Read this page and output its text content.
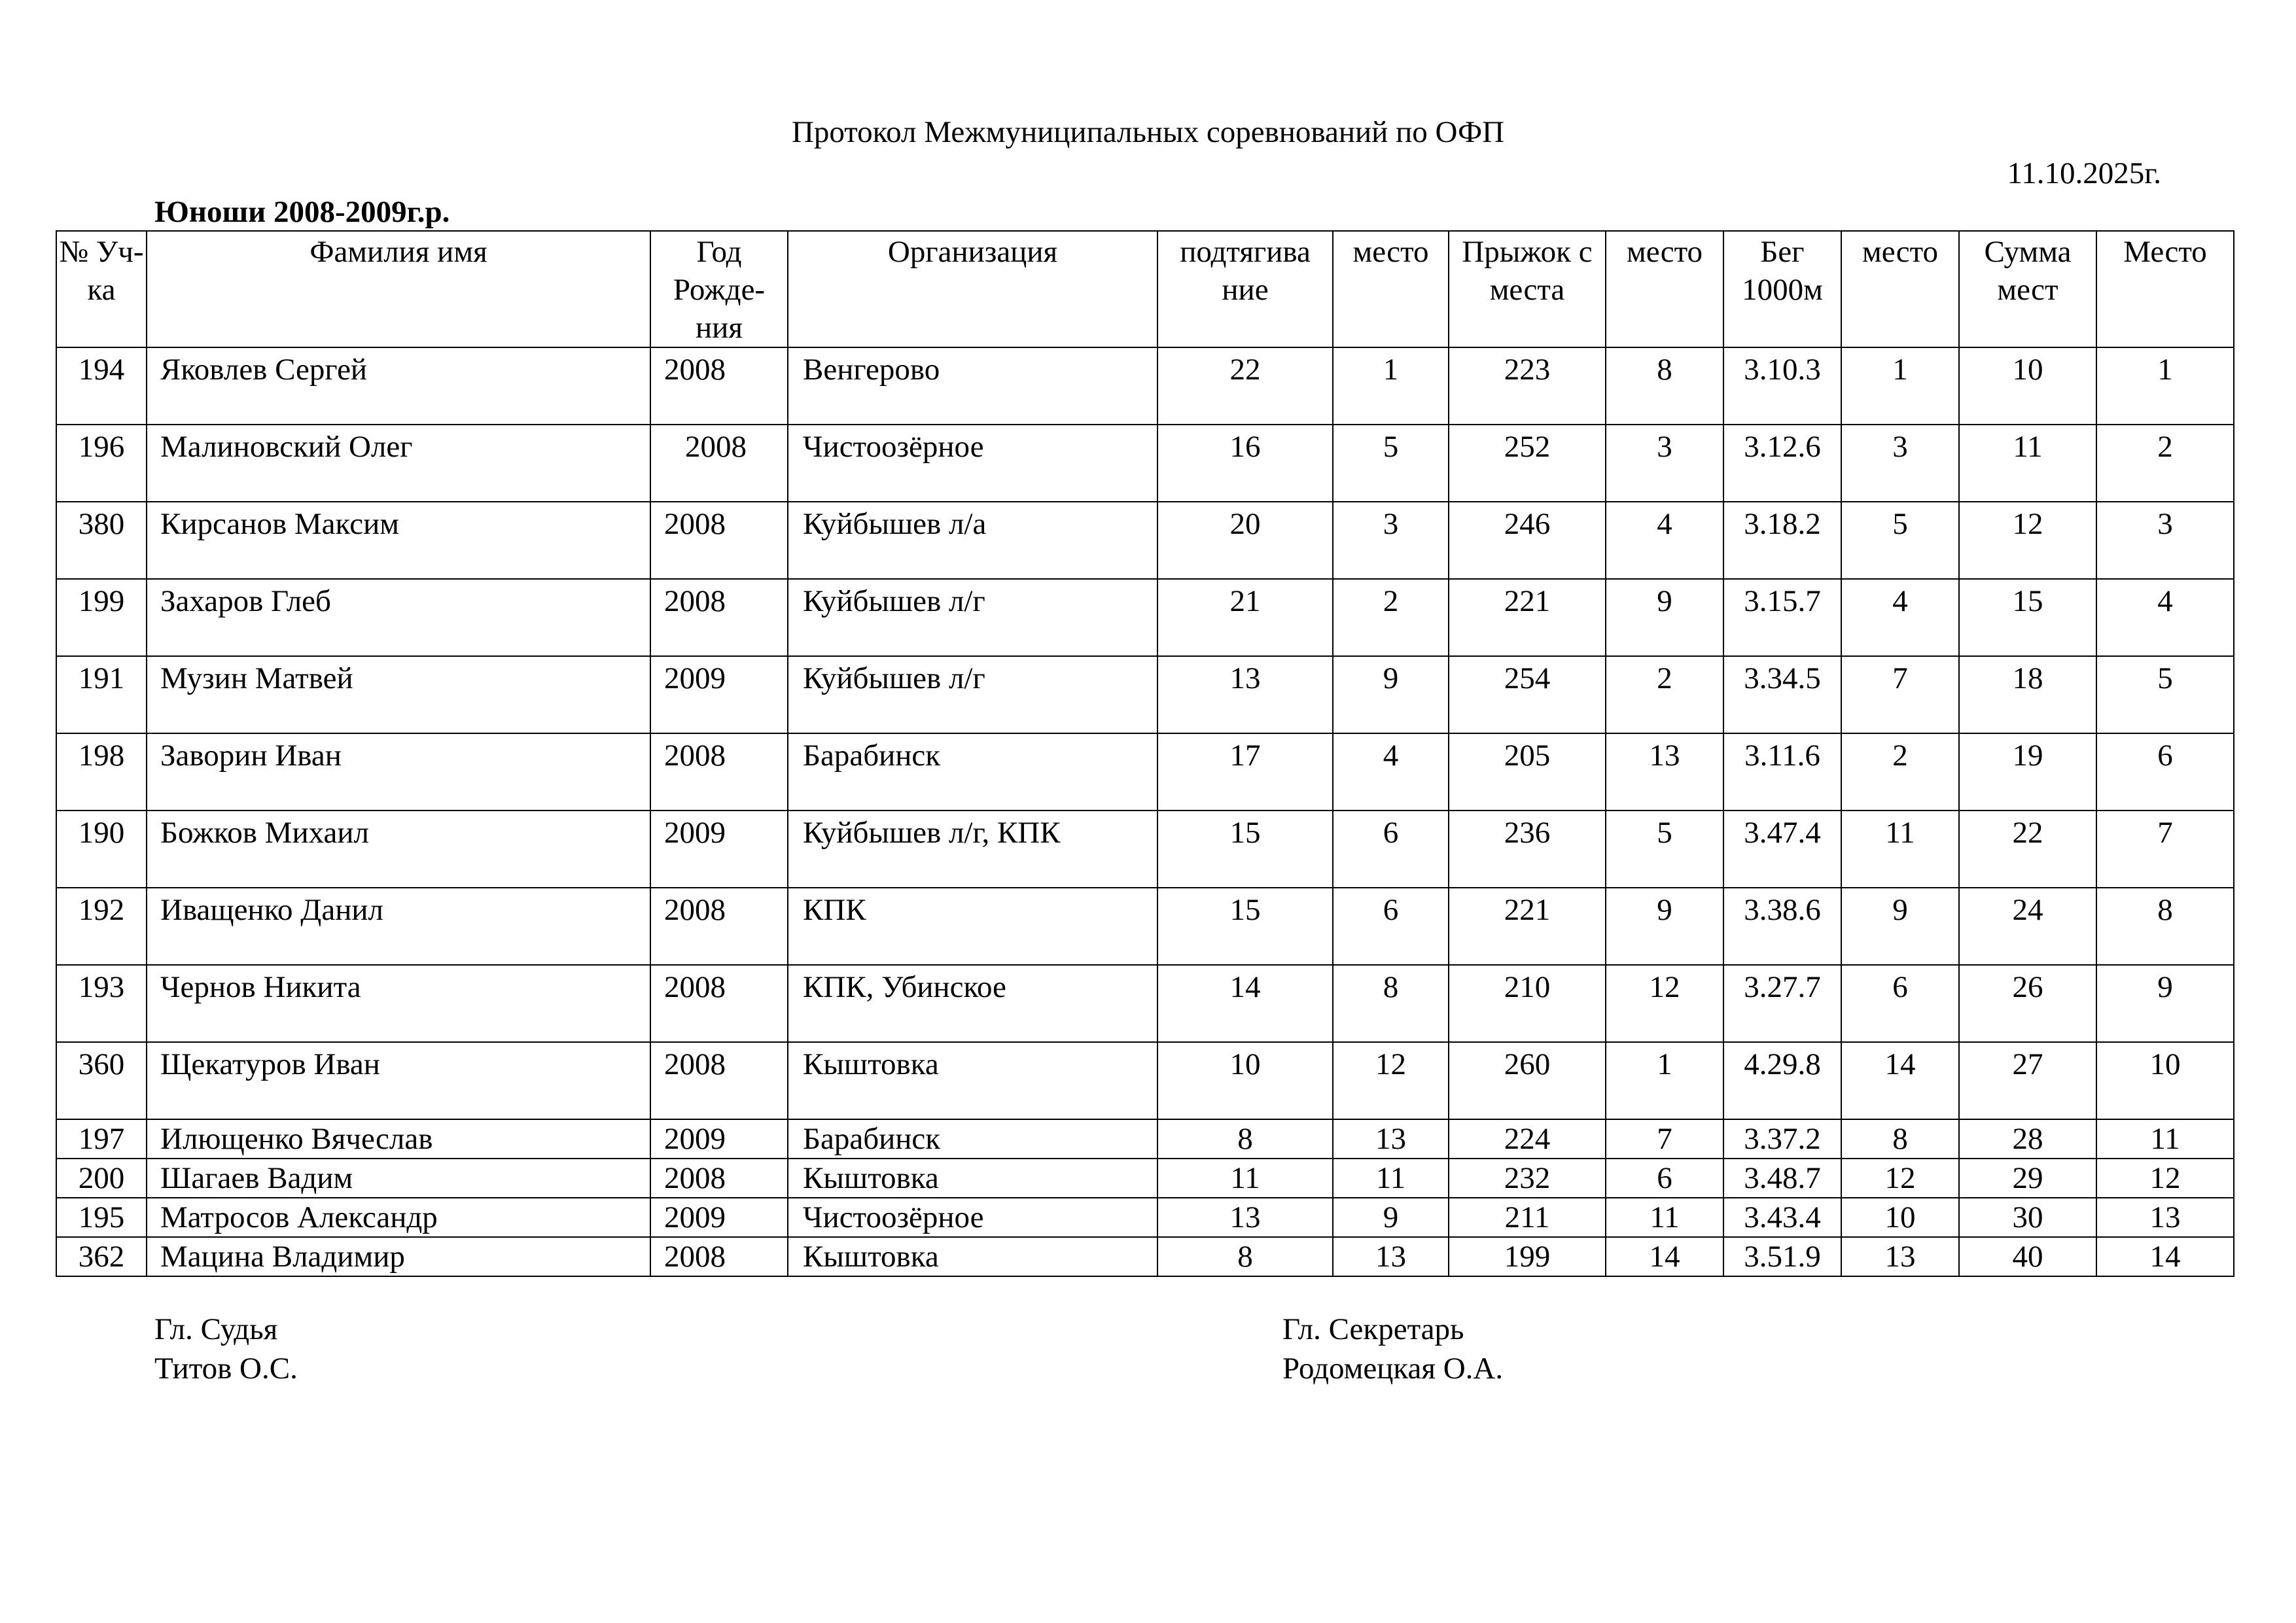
Протокол Межмуниципальных соревнований по ОФП
11.10.2025г.
Юноши 2008-2009г.р.
№ Уч-ка	Фамилия имя	Год Рожде-ния	Организация	подтягива ние	место	Прыжок с места	место	Бег 1000м	место	Сумма мест	Место
194	Яковлев Сергей	2008	Венгерово	22	1	223	8	3.10.3	1	10	1
196	Малиновский Олег	2008	Чистоозёрное	16	5	252	3	3.12.6	3	11	2
380	Кирсанов Максим	2008	Куйбышев л/а	20	3	246	4	3.18.2	5	12	3
199	Захаров Глеб	2008	Куйбышев л/г	21	2	221	9	3.15.7	4	15	4
191	Музин Матвей	2009	Куйбышев л/г	13	9	254	2	3.34.5	7	18	5
198	Заворин Иван	2008	Барабинск	17	4	205	13	3.11.6	2	19	6
190	Божков Михаил	2009	Куйбышев л/г, КПК	15	6	236	5	3.47.4	11	22	7
192	Иващенко Данил	2008	КПК	15	6	221	9	3.38.6	9	24	8
193	Чернов Никита	2008	КПК, Убинское	14	8	210	12	3.27.7	6	26	9
360	Щекатуров Иван	2008	Кыштовка	10	12	260	1	4.29.8	14	27	10
197	Илющенко Вячеслав	2009	Барабинск	8	13	224	7	3.37.2	8	28	11
200	Шагаев Вадим	2008	Кыштовка	11	11	232	6	3.48.7	12	29	12
195	Матросов Александр	2009	Чистоозёрное	13	9	211	11	3.43.4	10	30	13
362	Мацина Владимир	2008	Кыштовка	8	13	199	14	3.51.9	13	40	14
Гл. Судья
Титов О.С.
Гл. Секретарь
Родомецкая О.А.
